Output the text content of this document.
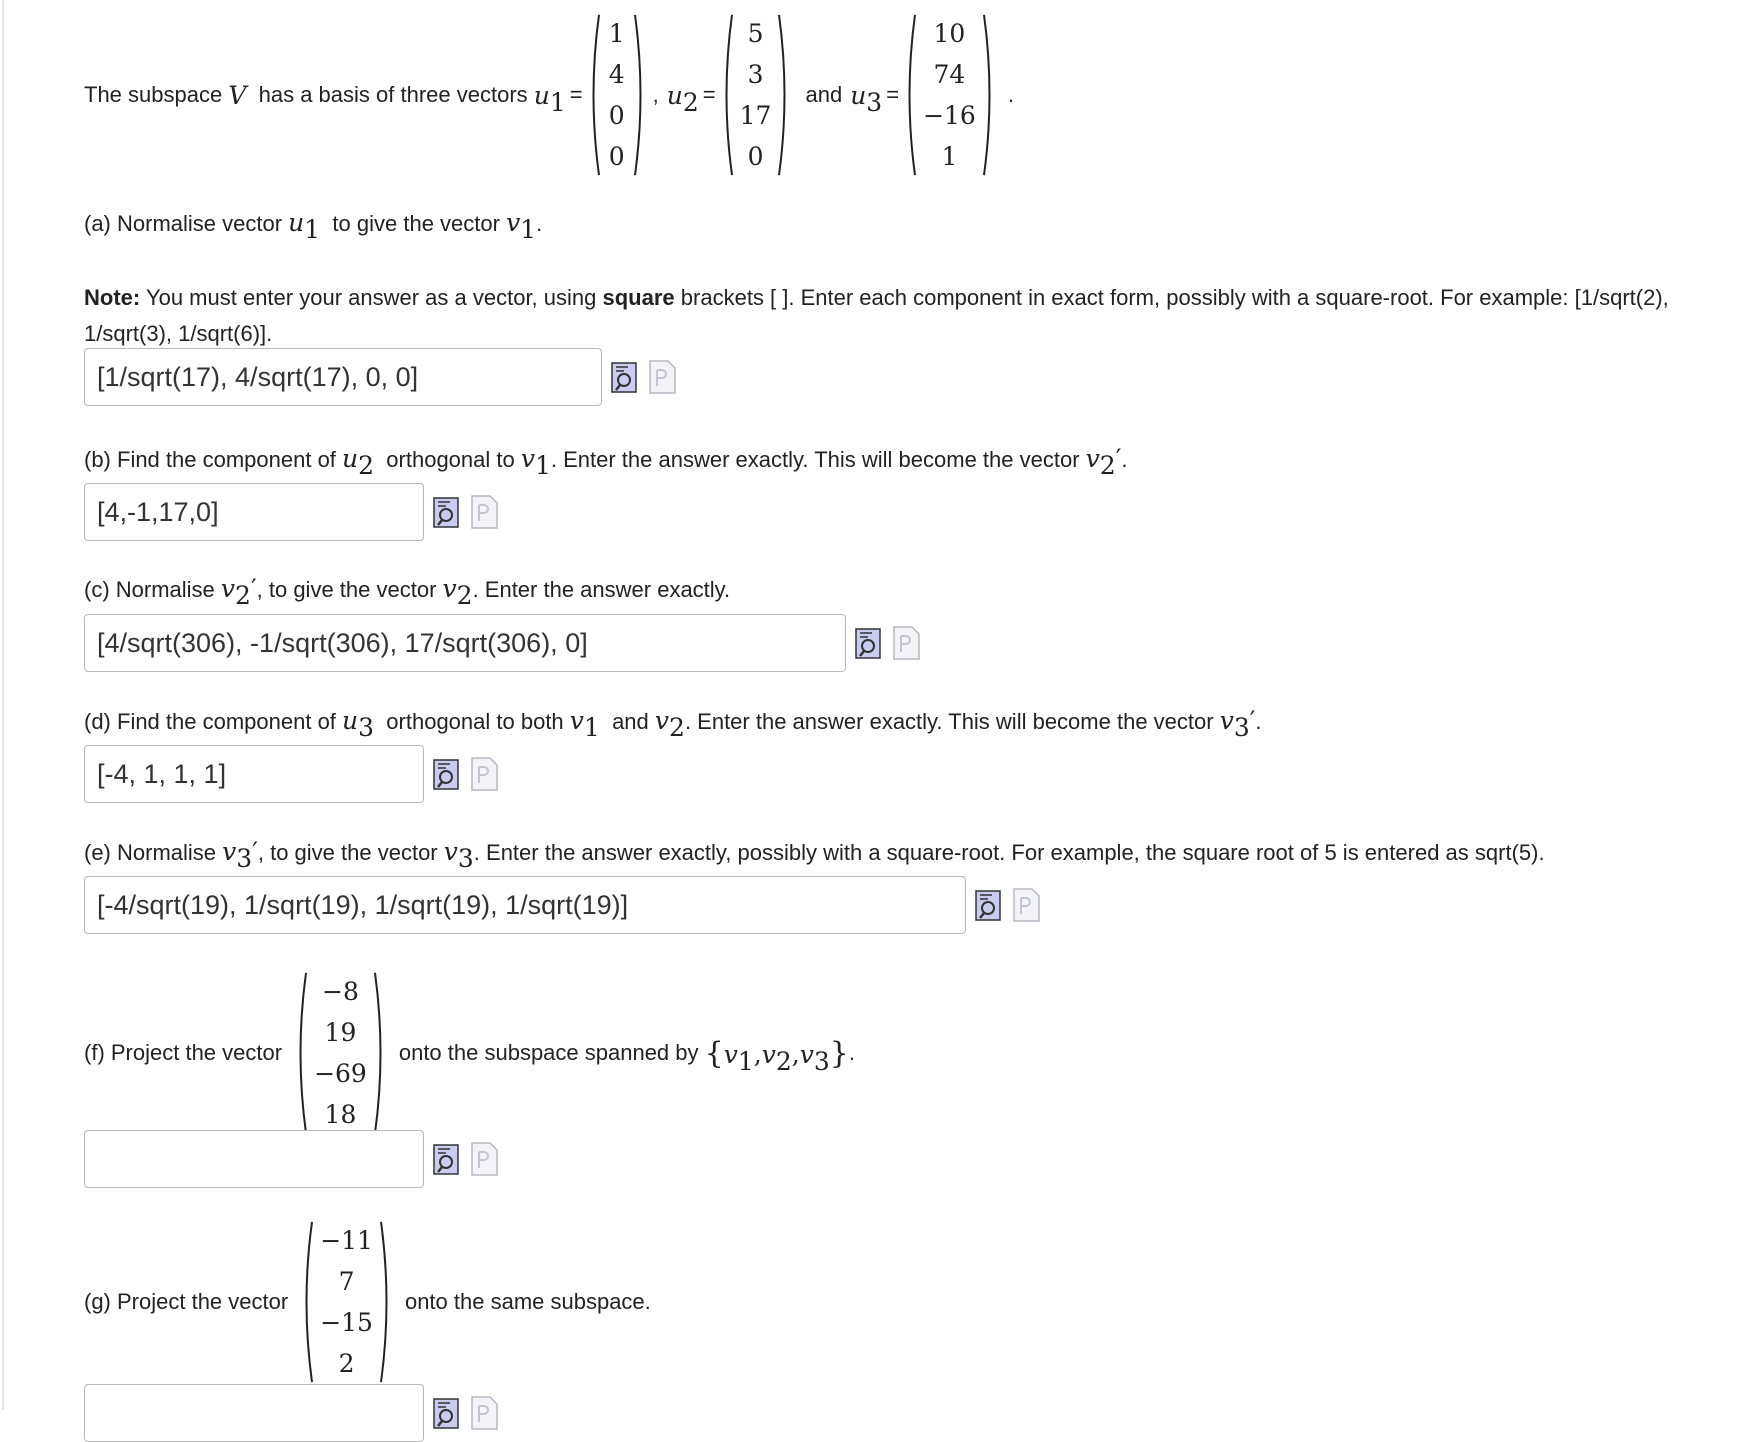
The subspace
V
has a basis of three vectors
$u_1$ =
1
4
0
0
, $u_2$ =
5
3
17
0
and $u_3$ =
10
74
−16
1
.
(a) Normalise vector $u_1$ to give the vector $v_1$.

Note: You must enter your answer as a vector, using square brackets [ ]. Enter each component in exact form, possibly with a square-root. For example: [1/sqrt(2), 1/sqrt(3), 1/sqrt(6)].

[1/sqrt(17), 4/sqrt(17), 0, 0]
(b) Find the component of $u_2$ orthogonal to $v_1$. Enter the answer exactly. This will become the vector $v_2'$.
[4,-1,17,0]
(c) Normalise $v_2'$, to give the vector $v_2$. Enter the answer exactly.
[4/sqrt(306), -1/sqrt(306), 17/sqrt(306), 0]
(d) Find the component of $u_3$ orthogonal to both $v_1$ and $v_2$. Enter the answer exactly. This will become the vector $v_3'$.
[-4, 1, 1, 1]
(e) Normalise $v_3'$, to give the vector $v_3$. Enter the answer exactly, possibly with a square-root. For example, the square root of 5 is entered as sqrt(5).
[-4/sqrt(19), 1/sqrt(19), 1/sqrt(19), 1/sqrt(19)]
(f) Project the vector
−8
19
−69
18
onto the subspace spanned by
$\{v_1,v_2,v_3\}$ .
(g) Project the vector
−11
7
−15
2
onto the same subspace.
